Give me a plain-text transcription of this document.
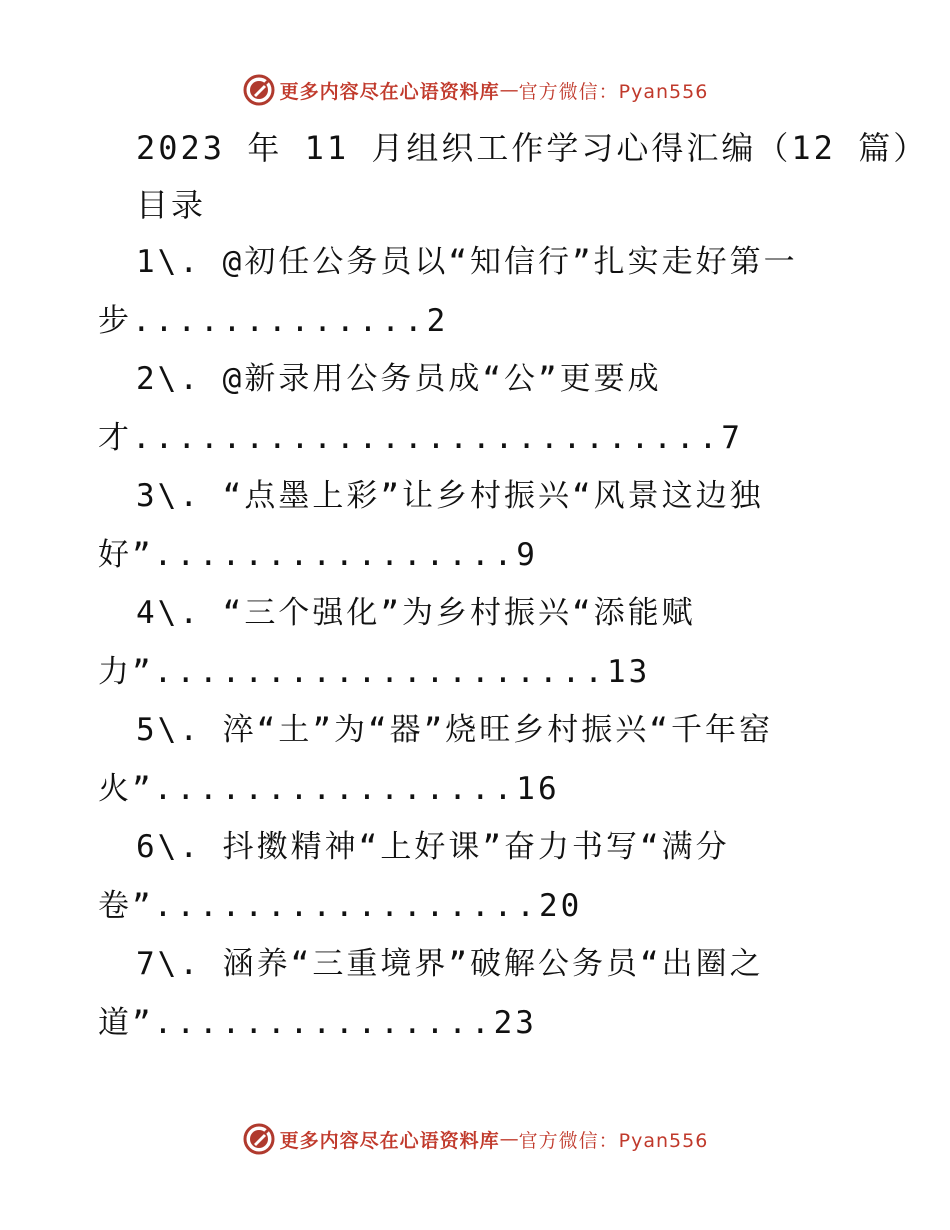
更多内容尽在心语资料库 — 官方微信：Pyan556
2023 年 11 月组织工作学习心得汇编（12 篇）
目录
1\. @初任公务员以“知信行”扎实走好第一
步.............2
2\. @新录用公务员成“公”更要成
才..........................7
3\. “点墨上彩”让乡村振兴“风景这边独
好”................9
4\. “三个强化”为乡村振兴“添能赋
力”....................13
5\. 淬“土”为“器”烧旺乡村振兴“千年窑
火”................16
6\. 抖擞精神“上好课”奋力书写“满分
卷”.................20
7\. 涵养“三重境界”破解公务员“出圈之
道”...............23
更多内容尽在心语资料库 — 官方微信：Pyan556
